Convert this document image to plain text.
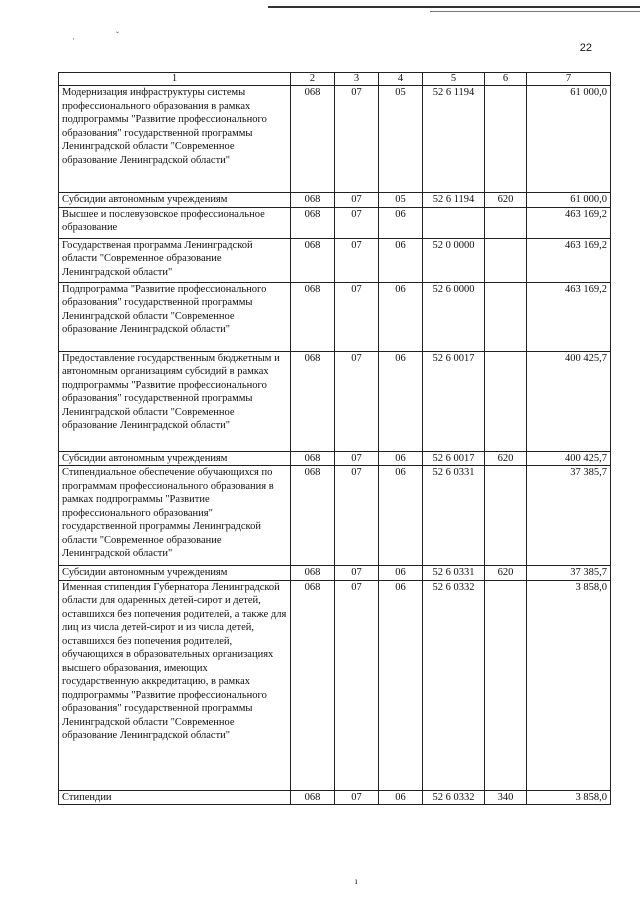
·	ˇ
22
1	2	3	4	5	6	7
Модернизация инфраструктуры системы профессионального образования в рамках подпрограммы "Развитие профессионального образования" государственной программы Ленинградской области "Современное образование Ленинградской области"	068	07	05	52 6 1194		61 000,0
Субсидии автономным учреждениям	068	07	05	52 6 1194	620	61 000,0
Высшее и послевузовское профессиональное образование	068	07	06			463 169,2
Государственая программа Ленинградской области "Современное образование Ленинградской области"	068	07	06	52 0 0000		463 169,2
Подпрограмма "Развитие профессионального образования" государственной программы Ленинградской области "Современное образование Ленинградской области"	068	07	06	52 6 0000		463 169,2
Предоставление государственным бюджетным и автономным организациям субсидий в рамках подпрограммы "Развитие профессионального образования" государственной программы Ленинградской области "Современное образование Ленинградской области"	068	07	06	52 6 0017		400 425,7
Субсидии автономным учреждениям	068	07	06	52 6 0017	620	400 425,7
Стипендиальное обеспечение обучающихся по программам профессионального образования в рамках подпрограммы "Развитие профессионального образования" государственной программы Ленинградской области "Современное образование Ленинградской области"	068	07	06	52 6 0331		37 385,7
Субсидии автономным учреждениям	068	07	06	52 6 0331	620	37 385,7
Именная стипендия Губернатора Ленинградской области для одаренных детей-сирот и детей, оставшихся без попечения родителей, а также для лиц из числа детей-сирот и из числа детей, оставшихся без попечения родителей, обучающихся в образовательных организациях высшего образования, имеющих государственную аккредитацию, в рамках подпрограммы "Развитие профессионального образования" государственной программы Ленинградской области "Современное образование Ленинградской области"	068	07	06	52 6 0332		3 858,0
Стипендии	068	07	06	52 6 0332	340	3 858,0
ı
